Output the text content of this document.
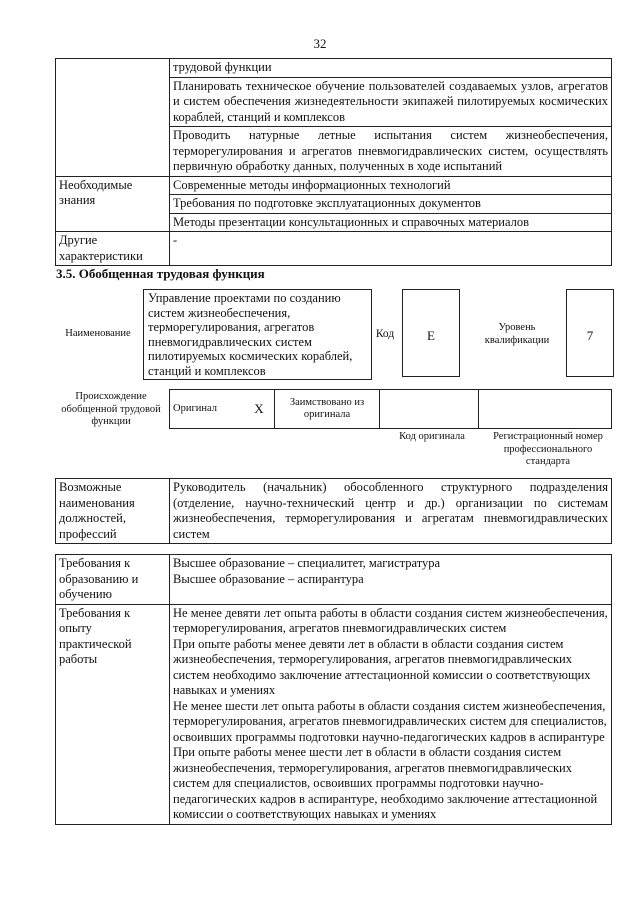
32
	трудовой функции
	Планировать техническое обучение пользователей создаваемых узлов, агрегатов и систем обеспечения жизнедеятельности экипажей пилотируемых космических кораблей, станций и комплексов
	Проводить натурные летные испытания систем жизнеобеспечения, терморегулирования и агрегатов пневмогидравлических систем, осуществлять первичную обработку данных, полученных в ходе испытаний
Необходимые знания	Современные методы информационных технологий
	Требования по подготовке эксплуатационных документов
	Методы презентации консультационных и справочных материалов
Другие характеристики	-
3.5. Обобщенная трудовая функция
Наименование
Управление проектами по созданию систем жизнеобеспечения, терморегулирования, агрегатов пневмогидравлических систем пилотируемых космических кораблей, станций и комплексов
Код	E
Уровень квалификации	7
Происхождение обобщенной трудовой функции
Оригинал	X	Заимствовано из оригинала		
Код оригинала	Регистрационный номер профессионального стандарта
Возможные наименования должностей, профессий	Руководитель (начальник) обособленного структурного подразделения (отделение, научно-технический центр и др.) организации по системам жизнеобеспечения, терморегулирования и агрегатам пневмогидравлических систем
Требования к образованию и обучению	Высшее образование – специалитет, магистратура
Высшее образование – аспирантура

Требования к опыту практической работы	Не менее девяти лет опыта работы в области создания систем жизнеобеспечения, терморегулирования, агрегатов пневмогидравлических систем
При опыте работы менее девяти лет в области в области создания систем жизнеобеспечения, терморегулирования, агрегатов пневмогидравлических систем необходимо заключение аттестационной комиссии о соответствующих навыках и умениях
Не менее шести лет опыта работы в области создания систем жизнеобеспечения, терморегулирования, агрегатов пневмогидравлических систем для специалистов, освоивших программы подготовки научно-педагогических кадров в аспирантуре
При опыте работы менее шести лет в области в области создания систем жизнеобеспечения, терморегулирования, агрегатов пневмогидравлических систем для специалистов, освоивших программы подготовки научно-педагогических кадров в аспирантуре, необходимо заключение аттестационной комиссии о соответствующих навыках и умениях
